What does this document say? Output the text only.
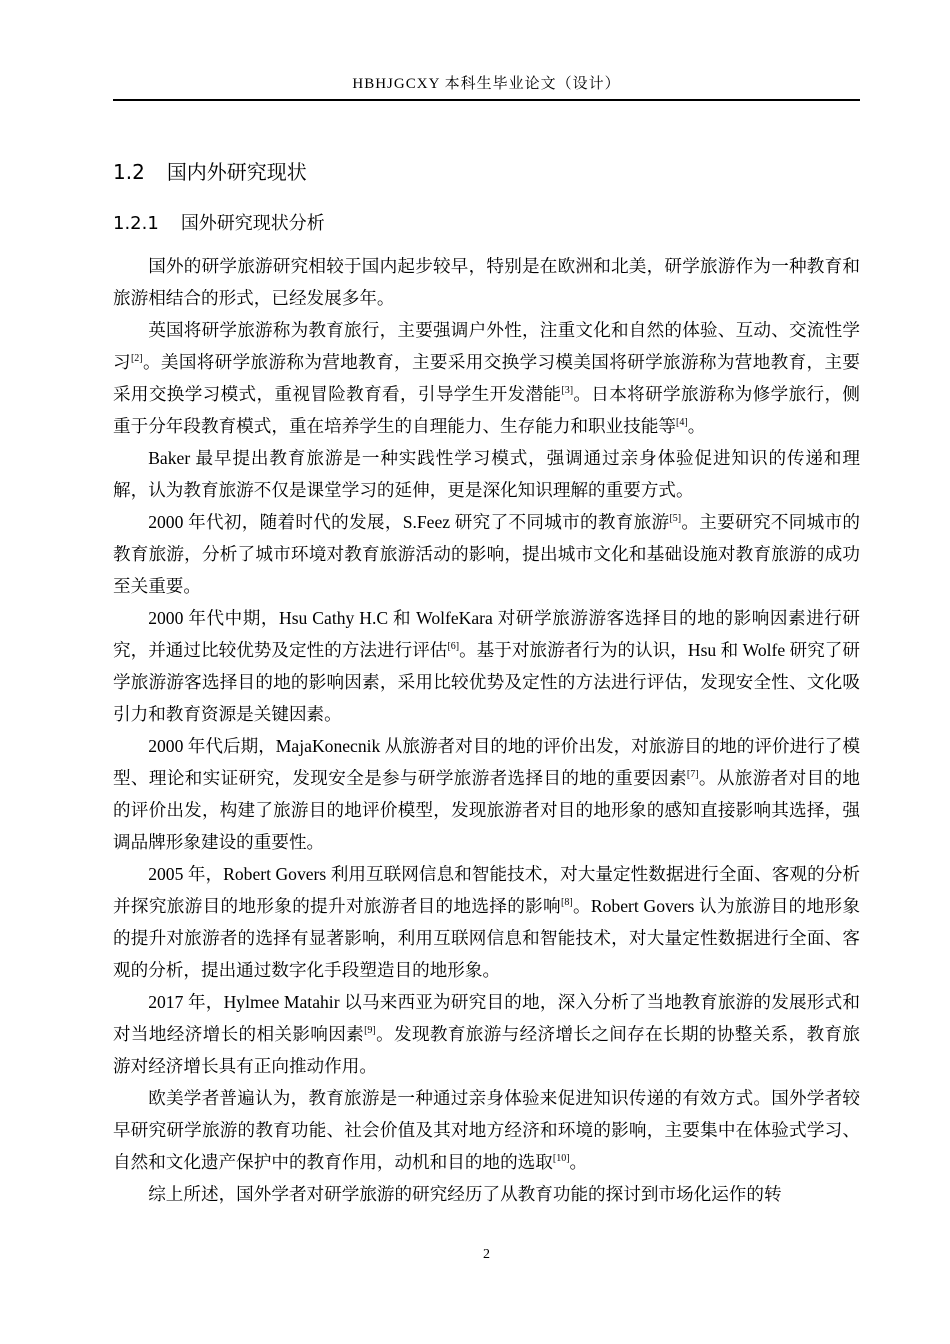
HBHJGCXY 本科生毕业论文（设计）
1.2 国内外研究现状
1.2.1 国外研究现状分析

国外的研学旅游研究相较于国内起步较早，特别是在欧洲和北美，研学旅游作为一种教育和旅游相结合的形式，已经发展多年。

英国将研学旅游称为教育旅行，主要强调户外性，注重文化和自然的体验、互动、交流性学习[2]。美国将研学旅游称为营地教育，主要采用交换学习模美国将研学旅游称为营地教育，主要采用交换学习模式，重视冒险教育看，引导学生开发潜能[3]。日本将研学旅游称为修学旅行，侧重于分年段教育模式，重在培养学生的自理能力、生存能力和职业技能等[4]。

Baker 最早提出教育旅游是一种实践性学习模式，强调通过亲身体验促进知识的传递和理解，认为教育旅游不仅是课堂学习的延伸，更是深化知识理解的重要方式。

2000 年代初，随着时代的发展，S.Feez 研究了不同城市的教育旅游[5]。主要研究不同城市的教育旅游，分析了城市环境对教育旅游活动的影响，提出城市文化和基础设施对教育旅游的成功至关重要。

2000 年代中期，Hsu Cathy H.C 和 WolfeKara 对研学旅游游客选择目的地的影响因素进行研究，并通过比较优势及定性的方法进行评估[6]。基于对旅游者行为的认识，Hsu 和 Wolfe 研究了研学旅游游客选择目的地的影响因素，采用比较优势及定性的方法进行评估，发现安全性、文化吸引力和教育资源是关键因素。

2000 年代后期，MajaKonecnik 从旅游者对目的地的评价出发，对旅游目的地的评价进行了模型、理论和实证研究，发现安全是参与研学旅游者选择目的地的重要因素[7]。从旅游者对目的地的评价出发，构建了旅游目的地评价模型，发现旅游者对目的地形象的感知直接影响其选择，强调品牌形象建设的重要性。

2005 年，Robert Govers 利用互联网信息和智能技术，对大量定性数据进行全面、客观的分析并探究旅游目的地形象的提升对旅游者目的地选择的影响[8]。Robert Govers 认为旅游目的地形象的提升对旅游者的选择有显著影响，利用互联网信息和智能技术，对大量定性数据进行全面、客观的分析，提出通过数字化手段塑造目的地形象。

2017 年，Hylmee Matahir 以马来西亚为研究目的地，深入分析了当地教育旅游的发展形式和对当地经济增长的相关影响因素[9]。发现教育旅游与经济增长之间存在长期的协整关系，教育旅游对经济增长具有正向推动作用。

欧美学者普遍认为，教育旅游是一种通过亲身体验来促进知识传递的有效方式。国外学者较早研究研学旅游的教育功能、社会价值及其对地方经济和环境的影响，主要集中在体验式学习、自然和文化遗产保护中的教育作用，动机和目的地的选取[10]。

综上所述，国外学者对研学旅游的研究经历了从教育功能的探讨到市场化运作的转

2
